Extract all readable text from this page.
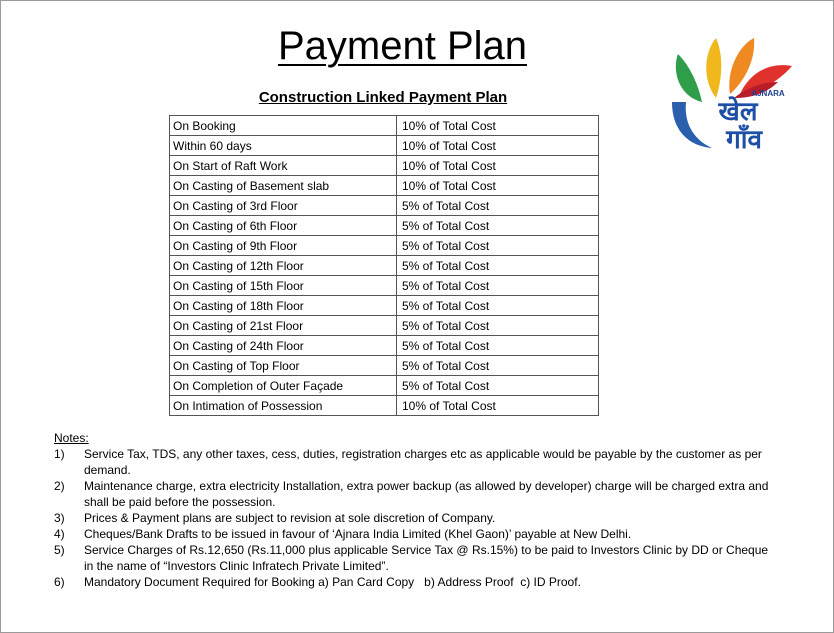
Payment Plan
Construction Linked Payment Plan	AJNARA
खेल
गाँव
On Booking	10% of Total Cost
Within 60 days	10% of Total Cost
On Start of Raft Work	10% of Total Cost
On Casting of Basement slab	10% of Total Cost
On Casting of 3rd Floor	5% of Total Cost
On Casting of 6th Floor	5% of Total Cost
On Casting of 9th Floor	5% of Total Cost
On Casting of 12th Floor	5% of Total Cost
On Casting of 15th Floor	5% of Total Cost
On Casting of 18th Floor	5% of Total Cost
On Casting of 21st Floor	5% of Total Cost
On Casting of 24th Floor	5% of Total Cost
On Casting of Top Floor	5% of Total Cost
On Completion of Outer Façade	5% of Total Cost
On Intimation of Possession	10% of Total Cost
Notes:
1) Service Tax, TDS, any other taxes, cess, duties, registration charges etc as applicable would be payable by the customer as per demand.
2) Maintenance charge, extra electricity Installation, extra power backup (as allowed by developer) charge will be charged extra and shall be paid before the possession.
3) Prices & Payment plans are subject to revision at sole discretion of Company.
4) Cheques/Bank Drafts to be issued in favour of ‘Ajnara India Limited (Khel Gaon)’ payable at New Delhi.
5) Service Charges of Rs.12,650 (Rs.11,000 plus applicable Service Tax @ Rs.15%) to be paid to Investors Clinic by DD or Cheque in the name of “Investors Clinic Infratech Private Limited”.
6) Mandatory Document Required for Booking a) Pan Card Copy   b) Address Proof  c) ID Proof.
